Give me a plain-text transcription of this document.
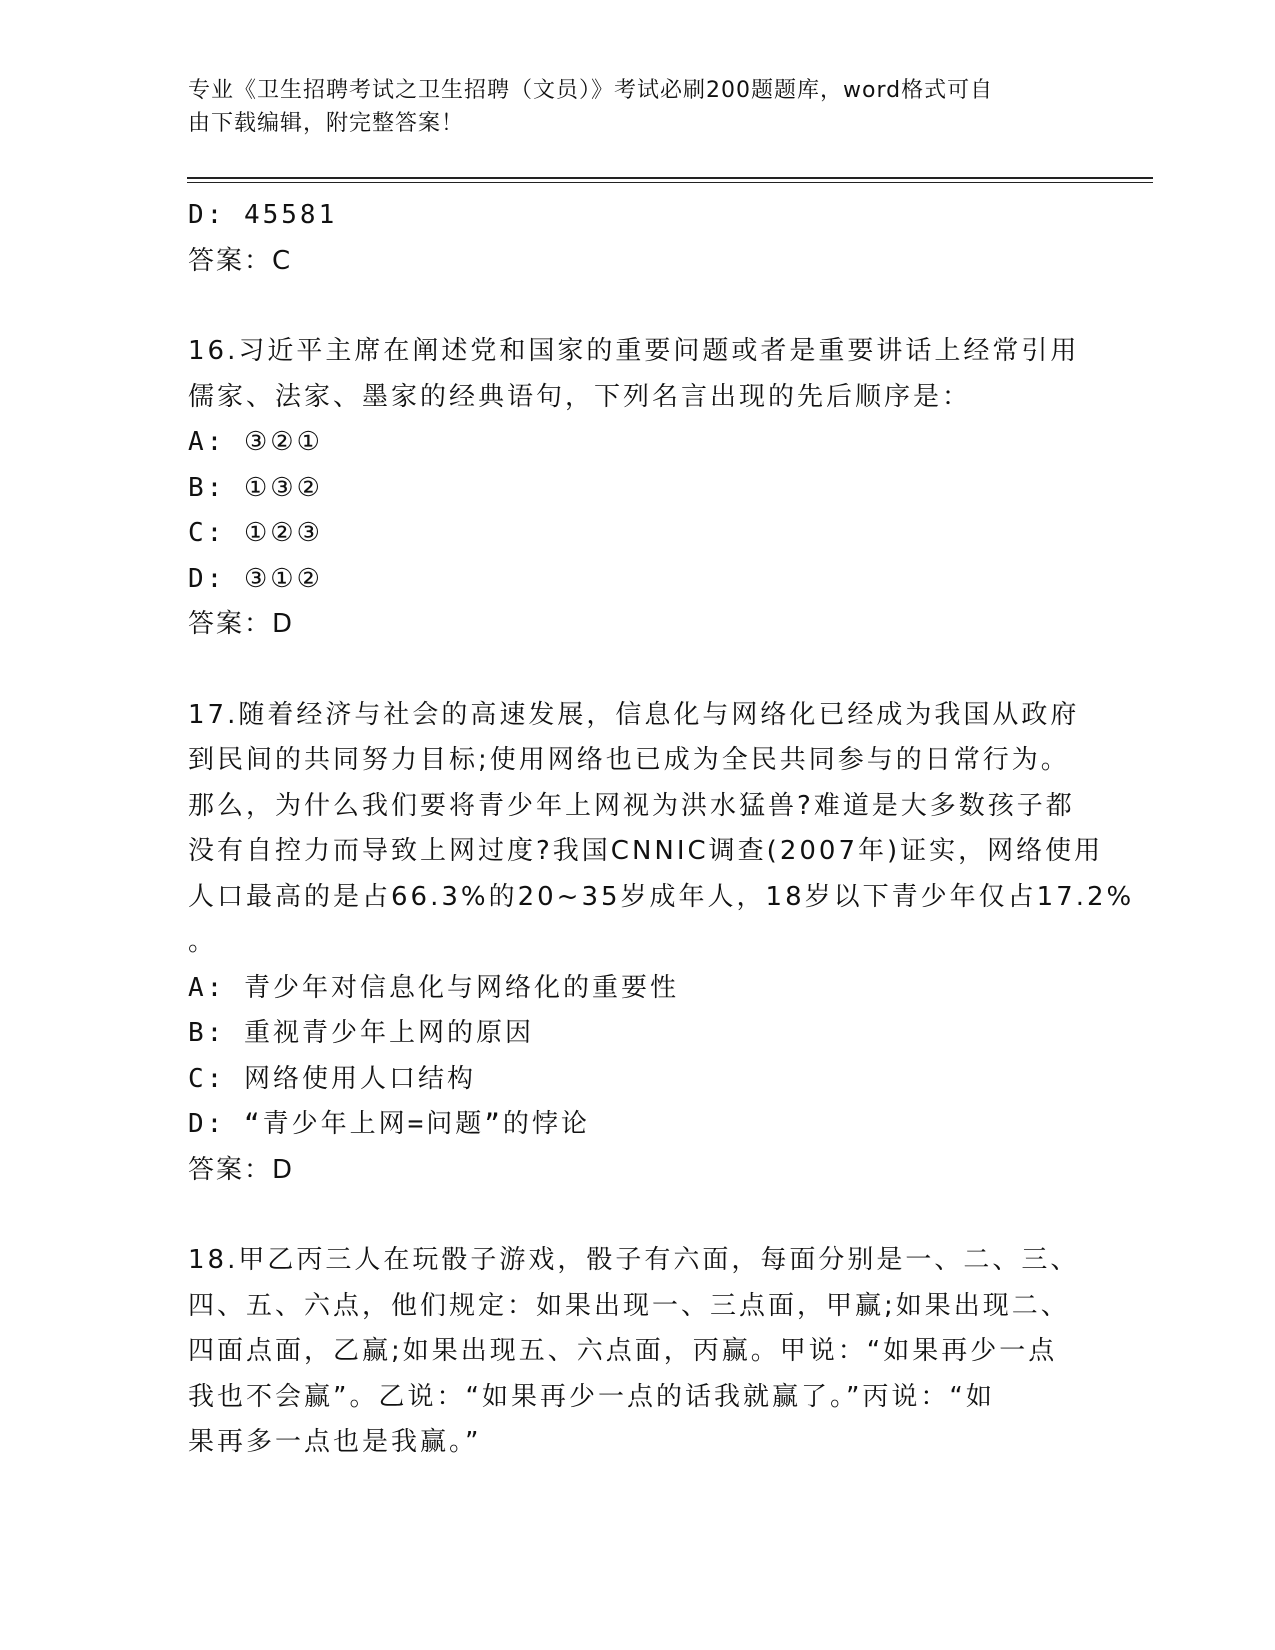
专业《卫生招聘考试之卫生招聘（文员）》考试必刷200题题库，word格式可自
由下载编辑，附完整答案！
D: 45581
答案：C
16.习近平主席在阐述党和国家的重要问题或者是重要讲话上经常引用
儒家、法家、墨家的经典语句，下列名言出现的先后顺序是：
A: ③②①
B: ①③②
C: ①②③
D: ③①②
答案：D
17.随着经济与社会的高速发展，信息化与网络化已经成为我国从政府
到民间的共同努力目标;使用网络也已成为全民共同参与的日常行为。
那么，为什么我们要将青少年上网视为洪水猛兽?难道是大多数孩子都
没有自控力而导致上网过度?我国CNNIC调查(2007年)证实，网络使用
人口最高的是占66.3%的20~35岁成年人，18岁以下青少年仅占17.2%
。
A: 青少年对信息化与网络化的重要性
B: 重视青少年上网的原因
C: 网络使用人口结构
D: “青少年上网=问题”的悖论
答案：D
18.甲乙丙三人在玩骰子游戏，骰子有六面，每面分别是一、二、三、
四、五、六点，他们规定：如果出现一、三点面，甲赢;如果出现二、
四面点面，乙赢;如果出现五、六点面，丙赢。甲说：“如果再少一点
我也不会赢”。乙说：“如果再少一点的话我就赢了。”丙说：“如
果再多一点也是我赢。”
